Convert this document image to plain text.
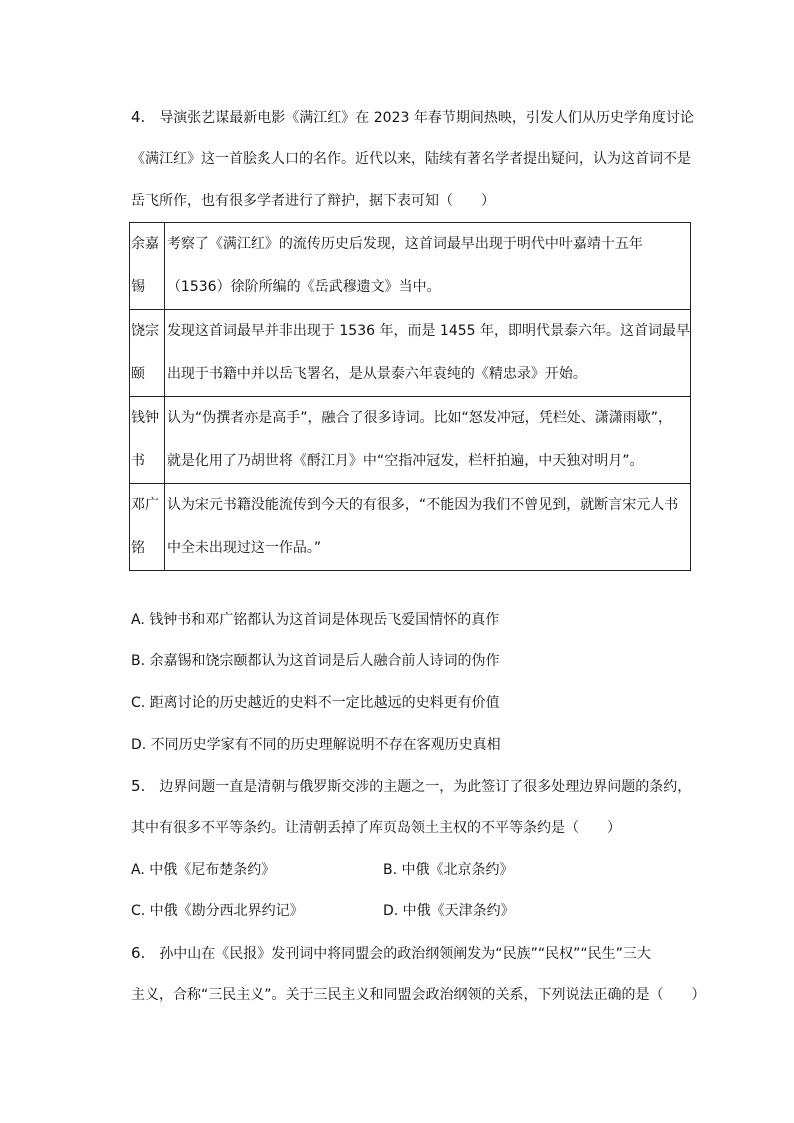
4. 导演张艺谋最新电影《满江红》在 2023 年春节期间热映，引发人们从历史学角度讨论
《满江红》这一首脍炙人口的名作。近代以来，陆续有著名学者提出疑问，认为这首词不是
岳飞所作，也有很多学者进行了辩护，据下表可知（　　）
余嘉
锡	考察了《满江红》的流传历史后发现，这首词最早出现于明代中叶嘉靖十五年
（1536）徐阶所编的《岳武穆遗文》当中。

饶宗
颐	发现这首词最早并非出现于 1536 年，而是 1455 年，即明代景泰六年。这首词最早
出现于书籍中并以岳飞署名，是从景泰六年袁纯的《精忠录》开始。

钱钟
书	认为“伪撰者亦是高手”，融合了很多诗词。比如“怒发冲冠，凭栏处、潇潇雨歇”，
就是化用了乃胡世将《酹江月》中“空指冲冠发，栏杆拍遍，中天独对明月”。

邓广
铭	认为宋元书籍没能流传到今天的有很多，“不能因为我们不曾见到，就断言宋元人书
中全未出现过这一作品。”
A. 钱钟书和邓广铭都认为这首词是体现岳飞爱国情怀的真作
B. 余嘉锡和饶宗颐都认为这首词是后人融合前人诗词的伪作
C. 距离讨论的历史越近的史料不一定比越远的史料更有价值
D. 不同历史学家有不同的历史理解说明不存在客观历史真相
5. 边界问题一直是清朝与俄罗斯交涉的主题之一，为此签订了很多处理边界问题的条约，
其中有很多不平等条约。让清朝丢掉了库页岛领土主权的不平等条约是（　　）
A. 中俄《尼布楚条约》	B. 中俄《北京条约》
C. 中俄《勘分西北界约记》	D. 中俄《天津条约》
6. 孙中山在《民报》发刊词中将同盟会的政治纲领阐发为“民族”“民权”“民生”三大
主义，合称“三民主义”。关于三民主义和同盟会政治纲领的关系，下列说法正确的是（　　）
